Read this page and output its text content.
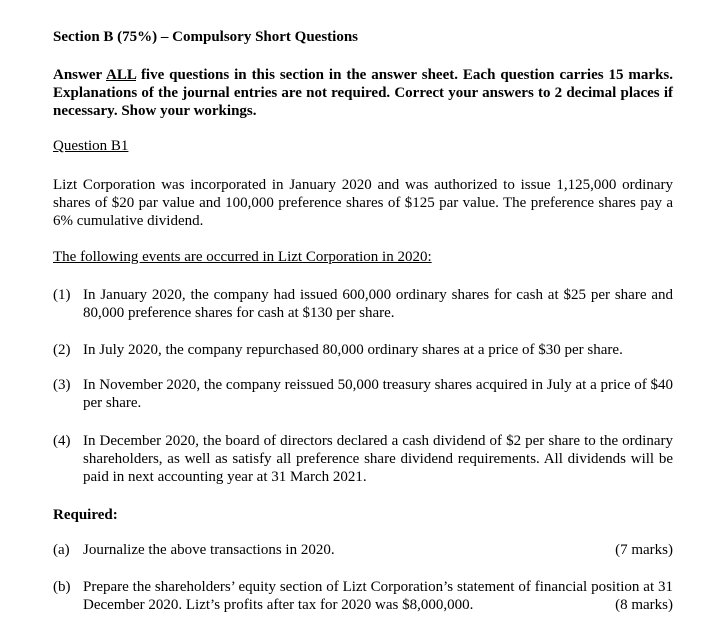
Section B (75%) – Compulsory Short Questions
Answer ALL five questions in this section in the answer sheet. Each question carries 15 marks. Explanations of the journal entries are not required. Correct your answers to 2 decimal places if necessary. Show your workings.
Question B1
Lizt Corporation was incorporated in January 2020 and was authorized to issue 1,125,000 ordinary shares of $20 par value and 100,000 preference shares of $125 par value. The preference shares pay a 6% cumulative dividend.
The following events are occurred in Lizt Corporation in 2020:
(1) In January 2020, the company had issued 600,000 ordinary shares for cash at $25 per share and 80,000 preference shares for cash at $130 per share.
(2) In July 2020, the company repurchased 80,000 ordinary shares at a price of $30 per share.
(3) In November 2020, the company reissued 50,000 treasury shares acquired in July at a price of $40 per share.
(4) In December 2020, the board of directors declared a cash dividend of $2 per share to the ordinary shareholders, as well as satisfy all preference share dividend requirements. All dividends will be paid in next accounting year at 31 March 2021.
Required:
(a) Journalize the above transactions in 2020.	(7 marks)
(b) Prepare the shareholders’ equity section of Lizt Corporation’s statement of financial position at 31 December 2020. Lizt’s profits after tax for 2020 was $8,000,000.	(8 marks)
